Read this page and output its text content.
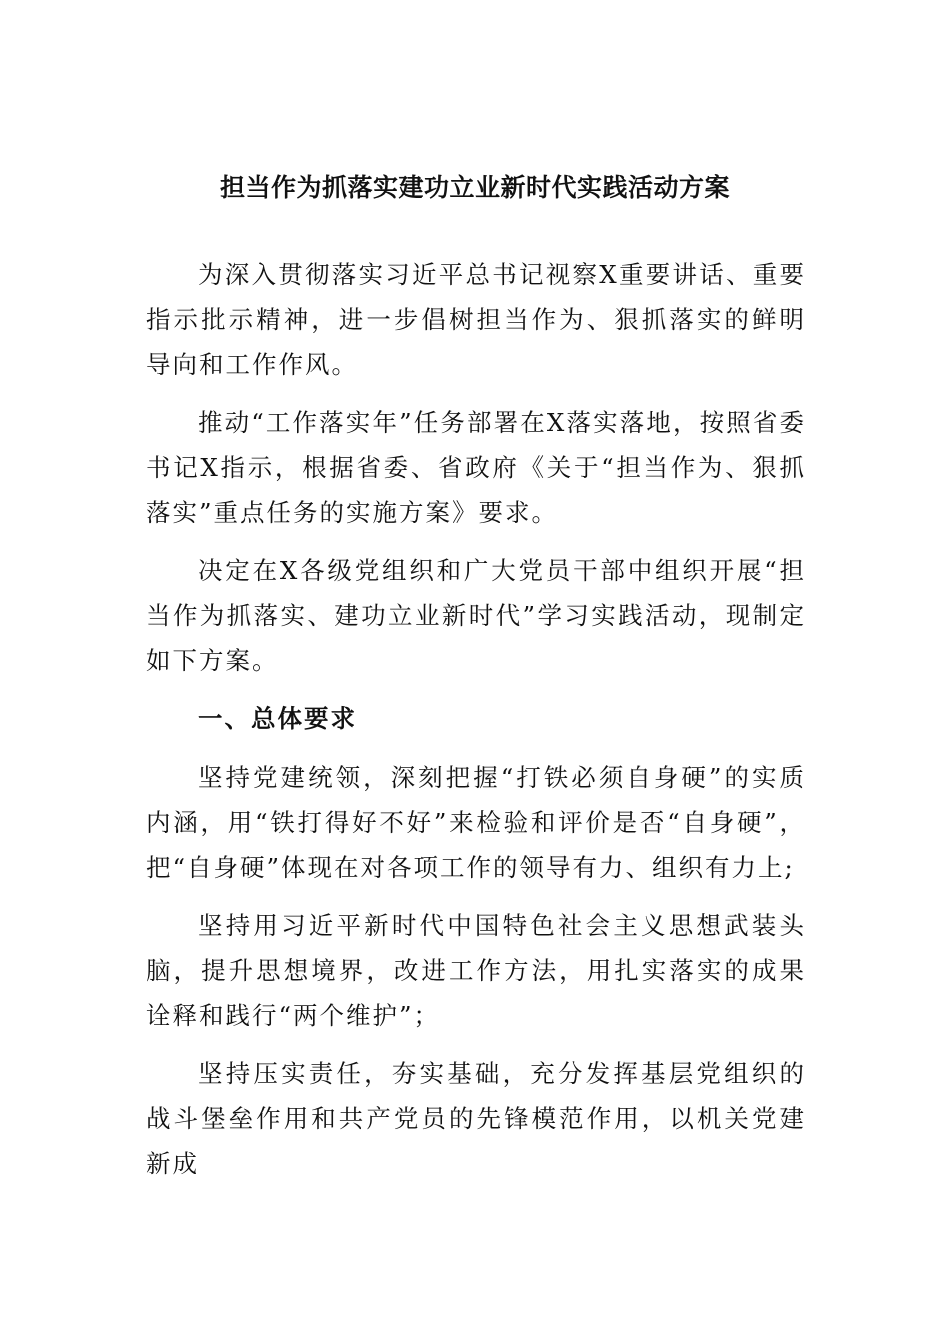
担当作为抓落实建功立业新时代实践活动方案

为深入贯彻落实习近平总书记视察X重要讲话、重要指示批示精神，进一步倡树担当作为、狠抓落实的鲜明导向和工作作风。

推动“工作落实年”任务部署在X落实落地，按照省委书记X指示，根据省委、省政府《关于“担当作为、狠抓落实”重点任务的实施方案》要求。

决定在X各级党组织和广大党员干部中组织开展“担当作为抓落实、建功立业新时代”学习实践活动，现制定如下方案。

一、总体要求

坚持党建统领，深刻把握“打铁必须自身硬”的实质内涵，用“铁打得好不好”来检验和评价是否“自身硬”，把“自身硬”体现在对各项工作的领导有力、组织有力上;

坚持用习近平新时代中国特色社会主义思想武装头脑，提升思想境界，改进工作方法，用扎实落实的成果诠释和践行“两个维护”；

坚持压实责任，夯实基础，充分发挥基层党组织的战斗堡垒作用和共产党员的先锋模范作用，以机关党建新成
